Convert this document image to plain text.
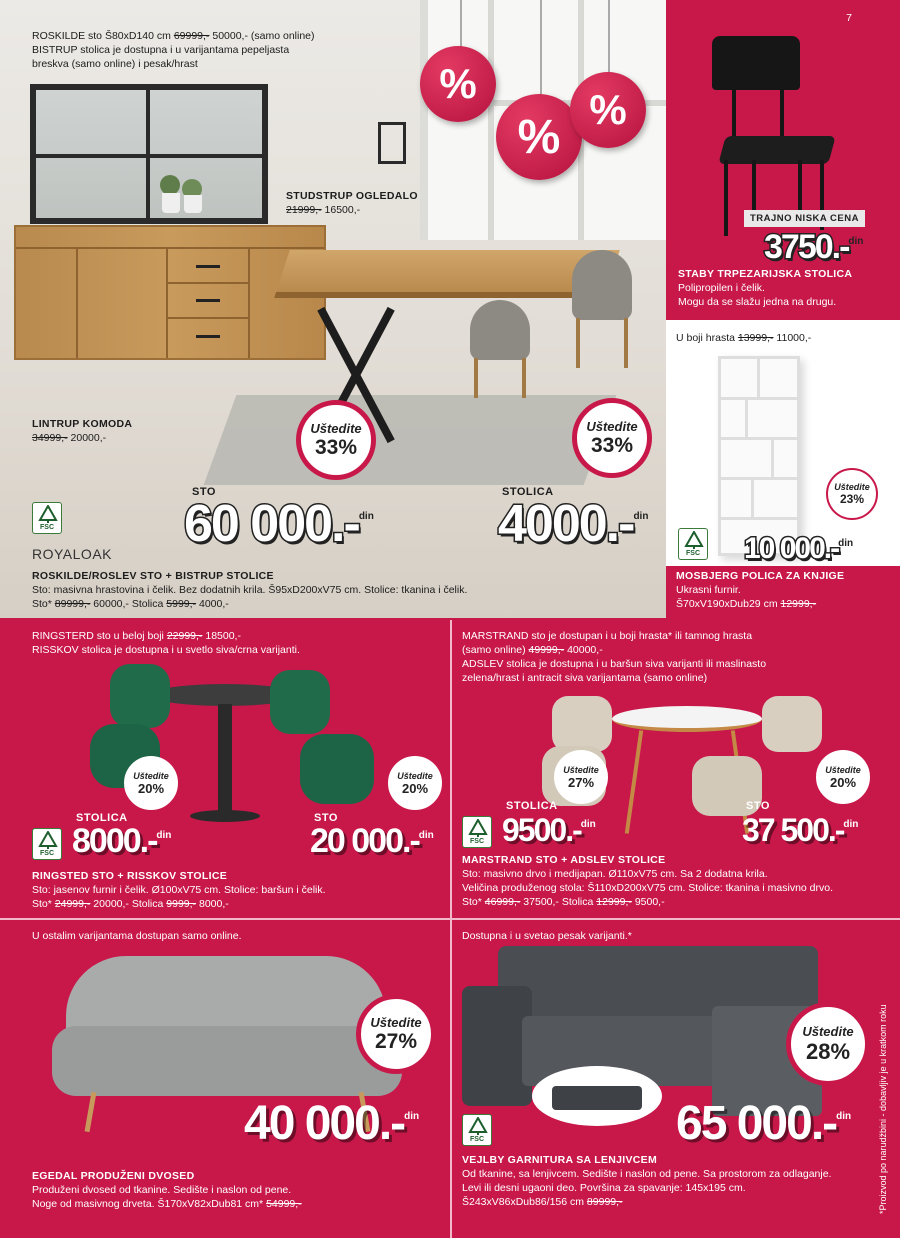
ROSKILDE sto Š80xD140 cm 69999,- 50000,- (samo online)
BISTRUP stolica je dostupna i u varijantama pepeljasta
breskva (samo online) i pesak/hrast	%
%
%
STUDSTRUP OGLEDALO
21999,- 16500,-
LINTRUP KOMODA
34999,- 20000,-
Uštedite
33%
Uštedite
33%
STO
60 000.-$^{din}$
STOLICA
4000.-$^{din}$
FSC
ROYALOAK
ROSKILDE/ROSLEV STO + BISTRUP STOLICE
Sto: masivna hrastovina i čelik. Bez dodatnih krila. Š95xD200xV75 cm. Stolice: tkanina i čelik.
Sto* 89999,- 60000,- Stolica 5999,- 4000,-
7
TRAJNO NISKA CENA
3750.-$^{din}$
STABY TRPEZARIJSKA STOLICA
Polipropilen i čelik.
Mogu da se slažu jedna na drugu.
U boji hrasta 13999,- 11000,-
Uštedite
23%
FSC 10 000.-$^{din}$
MOSBJERG POLICA ZA KNJIGE
Ukrasni furnir.
Š70xV190xDub29 cm 12999,-
RINGSTERD sto u beloj boji 22999,- 18500,-
RISSKOV stolica je dostupna i u svetlo siva/crna varijanti.
Uštedite
20%
Uštedite
20%
STOLICA
8000.-$^{din}$
STO
20 000.-$^{din}$
FSC
RINGSTED STO + RISSKOV STOLICE
Sto: jasenov furnir i čelik. Ø100xV75 cm. Stolice: baršun i čelik.
Sto* 24999,- 20000,- Stolica 9999,- 8000,-
MARSTRAND sto je dostupan i u boji hrasta* ili tamnog hrasta
(samo online) 49999,- 40000,-
ADSLEV stolica je dostupna i u baršun siva varijanti ili maslinasto
zelena/hrast i antracit siva varijantama (samo online)
Uštedite
27%
Uštedite
20%
STOLICA
9500.-$^{din}$
STO
37 500.-$^{din}$
FSC
MARSTRAND STO + ADSLEV STOLICE
Sto: masivno drvo i medijapan. Ø110xV75 cm. Sa 2 dodatna krila.
Veličina produženog stola: Š110xD200xV75 cm. Stolice: tkanina i masivno drvo.
Sto* 46999,- 37500,- Stolica 12999,- 9500,-
U ostalim varijantama dostupan samo online.
Uštedite
27%
40 000.-$^{din}$
EGEDAL PRODUŽENI DVOSED
Produženi dvosed od tkanine. Sedište i naslon od pene.
Noge od masivnog drveta. Š170xV82xDub81 cm* 54999,-
Dostupna i u svetao pesak varijanti.*
Uštedite
28%
FSC	65 000.-$^{din}$
VEJLBY GARNITURA SA LENJIVCEM
Od tkanine, sa lenjivcem. Sedište i naslon od pene. Sa prostorom za odlaganje.
Levi ili desni ugaoni deo. Površina za spavanje: 145x195 cm.
Š243xV86xDub86/156 cm 89999,-	*Proizvod po narudžbini - dobavljiv je u kratkom roku
